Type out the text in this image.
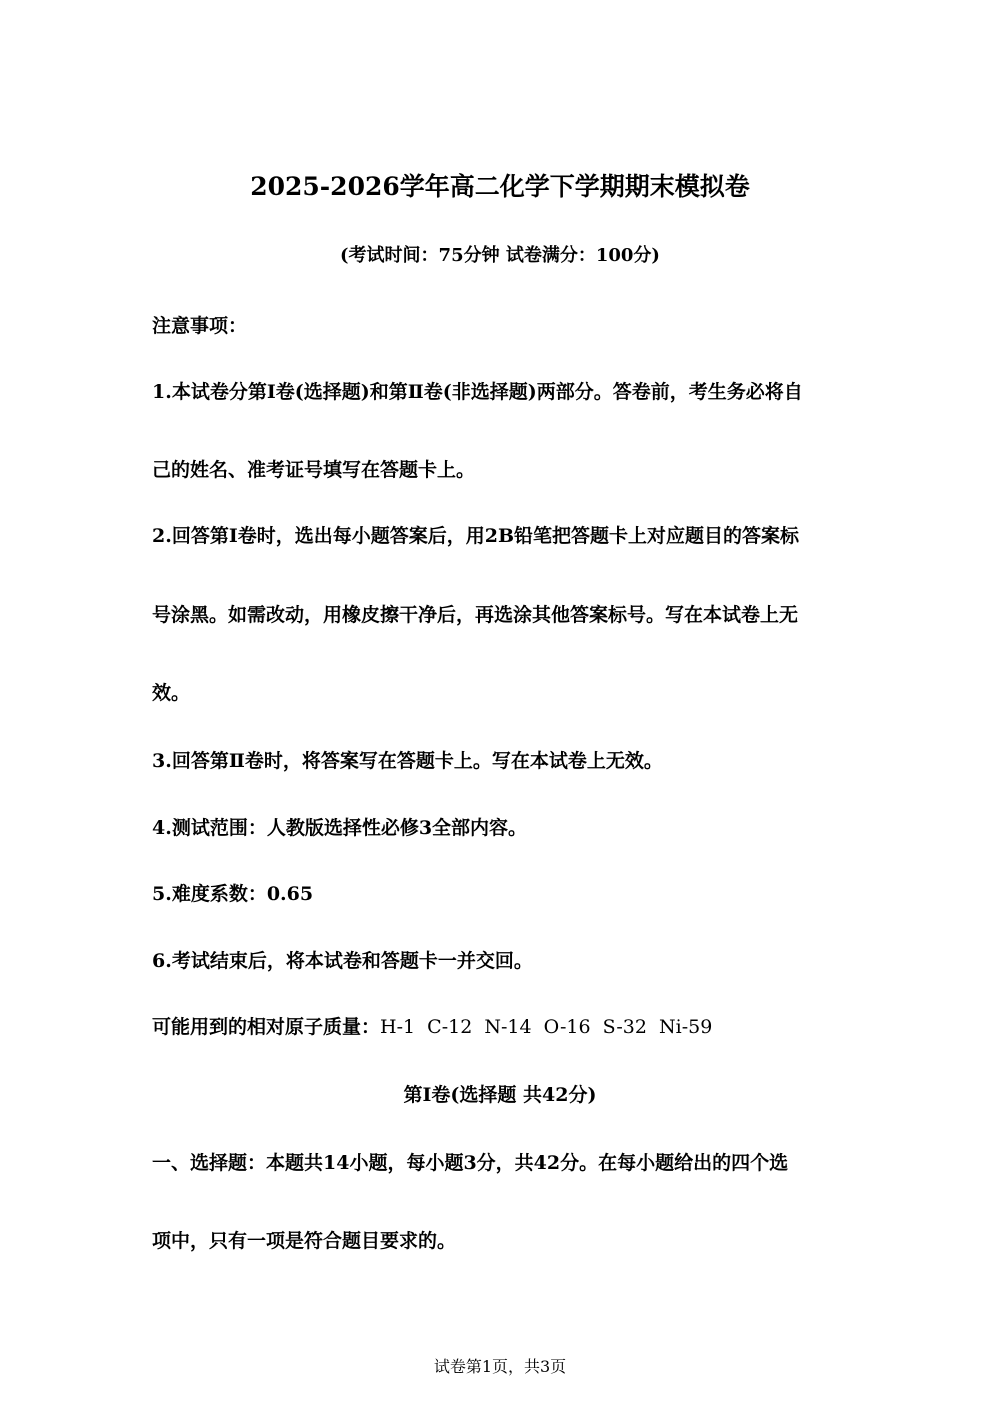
2025-2026学年高二化学下学期期末模拟卷
(考试时间：75分钟 试卷满分：100分)
注意事项：
1.本试卷分第Ⅰ卷(选择题)和第Ⅱ卷(非选择题)两部分。答卷前，考生务必将自
己的姓名、准考证号填写在答题卡上。
2.回答第Ⅰ卷时，选出每小题答案后，用2B铅笔把答题卡上对应题目的答案标
号涂黑。如需改动，用橡皮擦干净后，再选涂其他答案标号。写在本试卷上无
效。
3.回答第Ⅱ卷时，将答案写在答题卡上。写在本试卷上无效。
4.测试范围：人教版选择性必修3全部内容。
5.难度系数：0.65
6.考试结束后，将本试卷和答题卡一并交回。
可能用到的相对原子质量：H-1  C-12  N-14  O-16  S-32  Ni-59
第Ⅰ卷(选择题 共42分)
一、选择题：本题共14小题，每小题3分，共42分。在每小题给出的四个选
项中，只有一项是符合题目要求的。
试卷第1页，共3页
